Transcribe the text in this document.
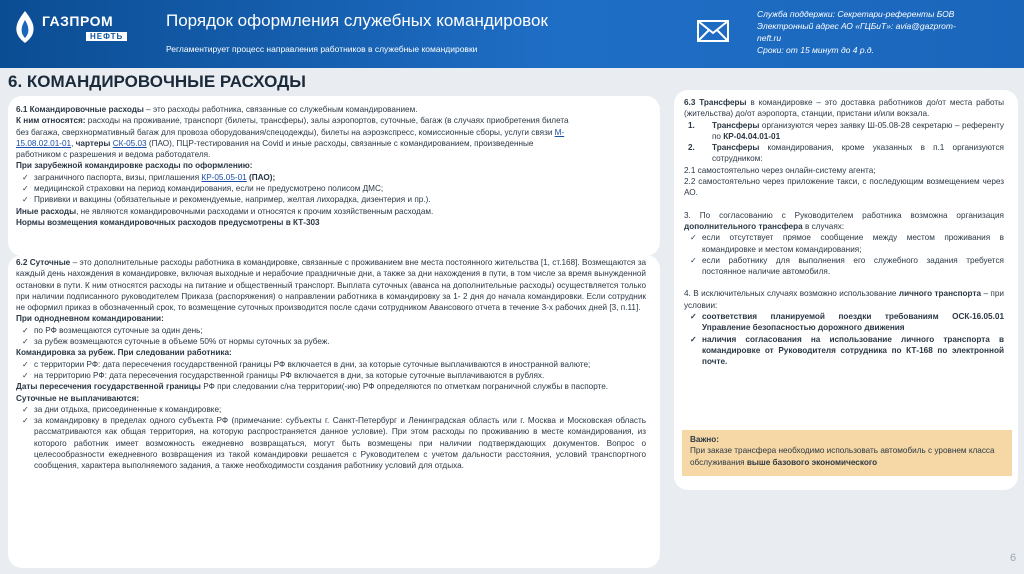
ГАЗПРОМ
НЕФТЬ
Порядок оформления служебных командировок
Регламентирует процесс направления работников в служебные командировки
Служба поддержки: Секретари-референты БОВ
Электронный адрес АО «ГЦБиТ»: avia@gazprom-
neft.ru
Сроки: от 15 минут до 4 р.д.
6. КОМАНДИРОВОЧНЫЕ РАСХОДЫ
6.1 Командировочные расходы – это расходы работника, связанные со служебным командированием.
К ним относятся: расходы на проживание, транспорт (билеты, трансферы), залы аэропортов, суточные, багаж (в случаях приобретения билета
без багажа, сверхнормативный багаж для провоза оборудования/спецодежды), билеты на аэроэкспресс, комиссионные сборы, услуги связи М-
15.08.02.01-01, чартеры СК-05.03 (ПАО), ПЦР-тестирования на Covid и иные расходы, связанные с командированием, произведенные
работником с разрешения и ведома работодателя.
При зарубежной командировке расходы по оформлению:
✓ заграничного паспорта, визы, приглашения КР-05.05-01 (ПАО);
✓ медицинской страховки на период командирования, если не предусмотрено полисом ДМС;
✓ Прививки и вакцины (обязательные и рекомендуемые, например, желтая лихорадка, дизентерия и пр.).
Иные расходы, не являются командировочными расходами и относятся к прочим хозяйственным расходам.
Нормы возмещения командировочных расходов предусмотрены в КТ-303
6.2 Суточные – это дополнительные расходы работника в командировке, связанные с проживанием вне места постоянного жительства [1, ст.168]. Возмещаются за каждый день нахождения в командировке, включая выходные и нерабочие праздничные дни, а также за дни нахождения в пути, в том числе за время вынужденной остановки в пути. К ним относятся расходы на питание и общественный транспорт. Выплата суточных (аванса на дополнительные расходы) осуществляется только при наличии подписанного руководителем Приказа (распоряжения) о направлении работника в командировку за 1- 2 дня до начала командировки. Если сотрудник не оформил приказ в обозначенный срок, то возмещение суточных производится после сдачи сотрудником Авансового отчета в течение 3-х рабочих дней [3, п.11].
При однодневном командировании:
✓ по РФ возмещаются суточные за один день;
✓ за рубеж возмещаются суточные в объеме 50% от нормы суточных за рубеж.
Командировка за рубеж. При следовании работника:
✓ с территории РФ: дата пересечения государственной границы РФ включается в дни, за которые суточные выплачиваются в иностранной валюте;
✓ на территорию РФ: дата пересечения государственной границы РФ включается в дни, за которые суточные выплачиваются в рублях.
Даты пересечения государственной границы РФ при следовании с/на территории(-ию) РФ определяются по отметкам пограничной службы в паспорте.
Суточные не выплачиваются:
✓ за дни отдыха, присоединенные к командировке;
✓ за командировку в пределах одного субъекта РФ (примечание: субъекты г. Санкт-Петербург и Ленинградская область или г. Москва и Московская область рассматриваются как общая территория, на которую распространяется данное условие). При этом расходы по проживанию в месте командирования, из которого работник имеет возможность ежедневно возвращаться, могут быть возмещены при наличии подтверждающих документов. Вопрос о целесообразности ежедневного возвращения из такой командировки решается с Руководителем с учетом дальности расстояния, условий транспортного сообщения, характера выполняемого задания, а также необходимости создания работнику условий для отдыха.
6.3 Трансферы в командировке – это доставка работников до/от места работы (жительства) до/от аэропорта, станции, пристани и/или вокзала.
1. Трансферы организуются через заявку Ш-05.08-28 секретарю – референту по КР-04.04.01-01
2. Трансферы командирования, кроме указанных в п.1 организуются сотрудником:
2.1 самостоятельно через онлайн-систему агента;
2.2 самостоятельно через приложение такси, с последующим возмещением через АО.
3. По согласованию с Руководителем работника возможна организация дополнительного трансфера в случаях:
✓ если отсутствует прямое сообщение между местом проживания в командировке и местом командирования;
✓ если работнику для выполнения его служебного задания требуется постоянное наличие автомобиля.
4. В исключительных случаях возможно использование личного транспорта – при условии:
✓ соответствия планируемой поездки требованиям ОСК-16.05.01 Управление безопасностью дорожного движения
✓ наличия согласования на использование личного транспорта в командировке от Руководителя сотрудника по КТ-168 по электронной почте.
Важно:
При заказе трансфера необходимо использовать автомобиль с уровнем класса обслуживания выше базового экономического
6
